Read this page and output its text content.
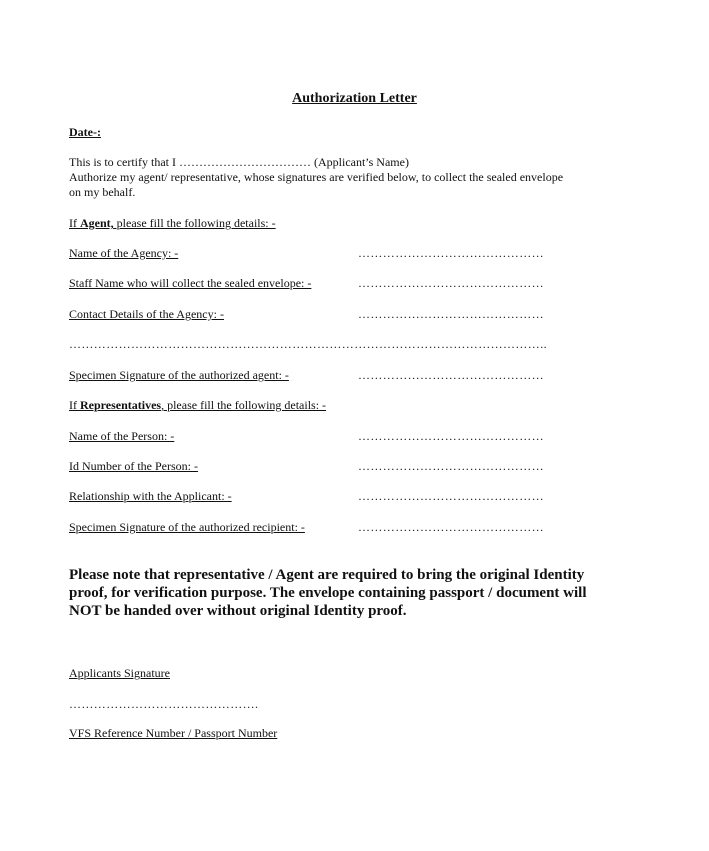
Authorization Letter
Date-:
This is to certify that I …………………………… (Applicant’s Name)
Authorize my agent/ representative, whose signatures are verified below, to collect the sealed envelope
on my behalf.
If Agent, please fill the following details: -
Name of the Agency: -	………………………………………
Staff Name who will collect the sealed envelope: -	………………………………………
Contact Details of the Agency: -	………………………………………
……………………………………………………………………………………………………..
Specimen Signature of the authorized agent: -	………………………………………
If Representatives, please fill the following details: -
Name of the Person: -	………………………………………
Id Number of the Person: -	………………………………………
Relationship with the Applicant: -	………………………………………
Specimen Signature of the authorized recipient: -	………………………………………
Please note that representative / Agent are required to bring the original Identity
proof, for verification purpose. The envelope containing passport / document will
NOT be handed over without original Identity proof.
Applicants Signature
……………………………………….
VFS Reference Number / Passport Number
